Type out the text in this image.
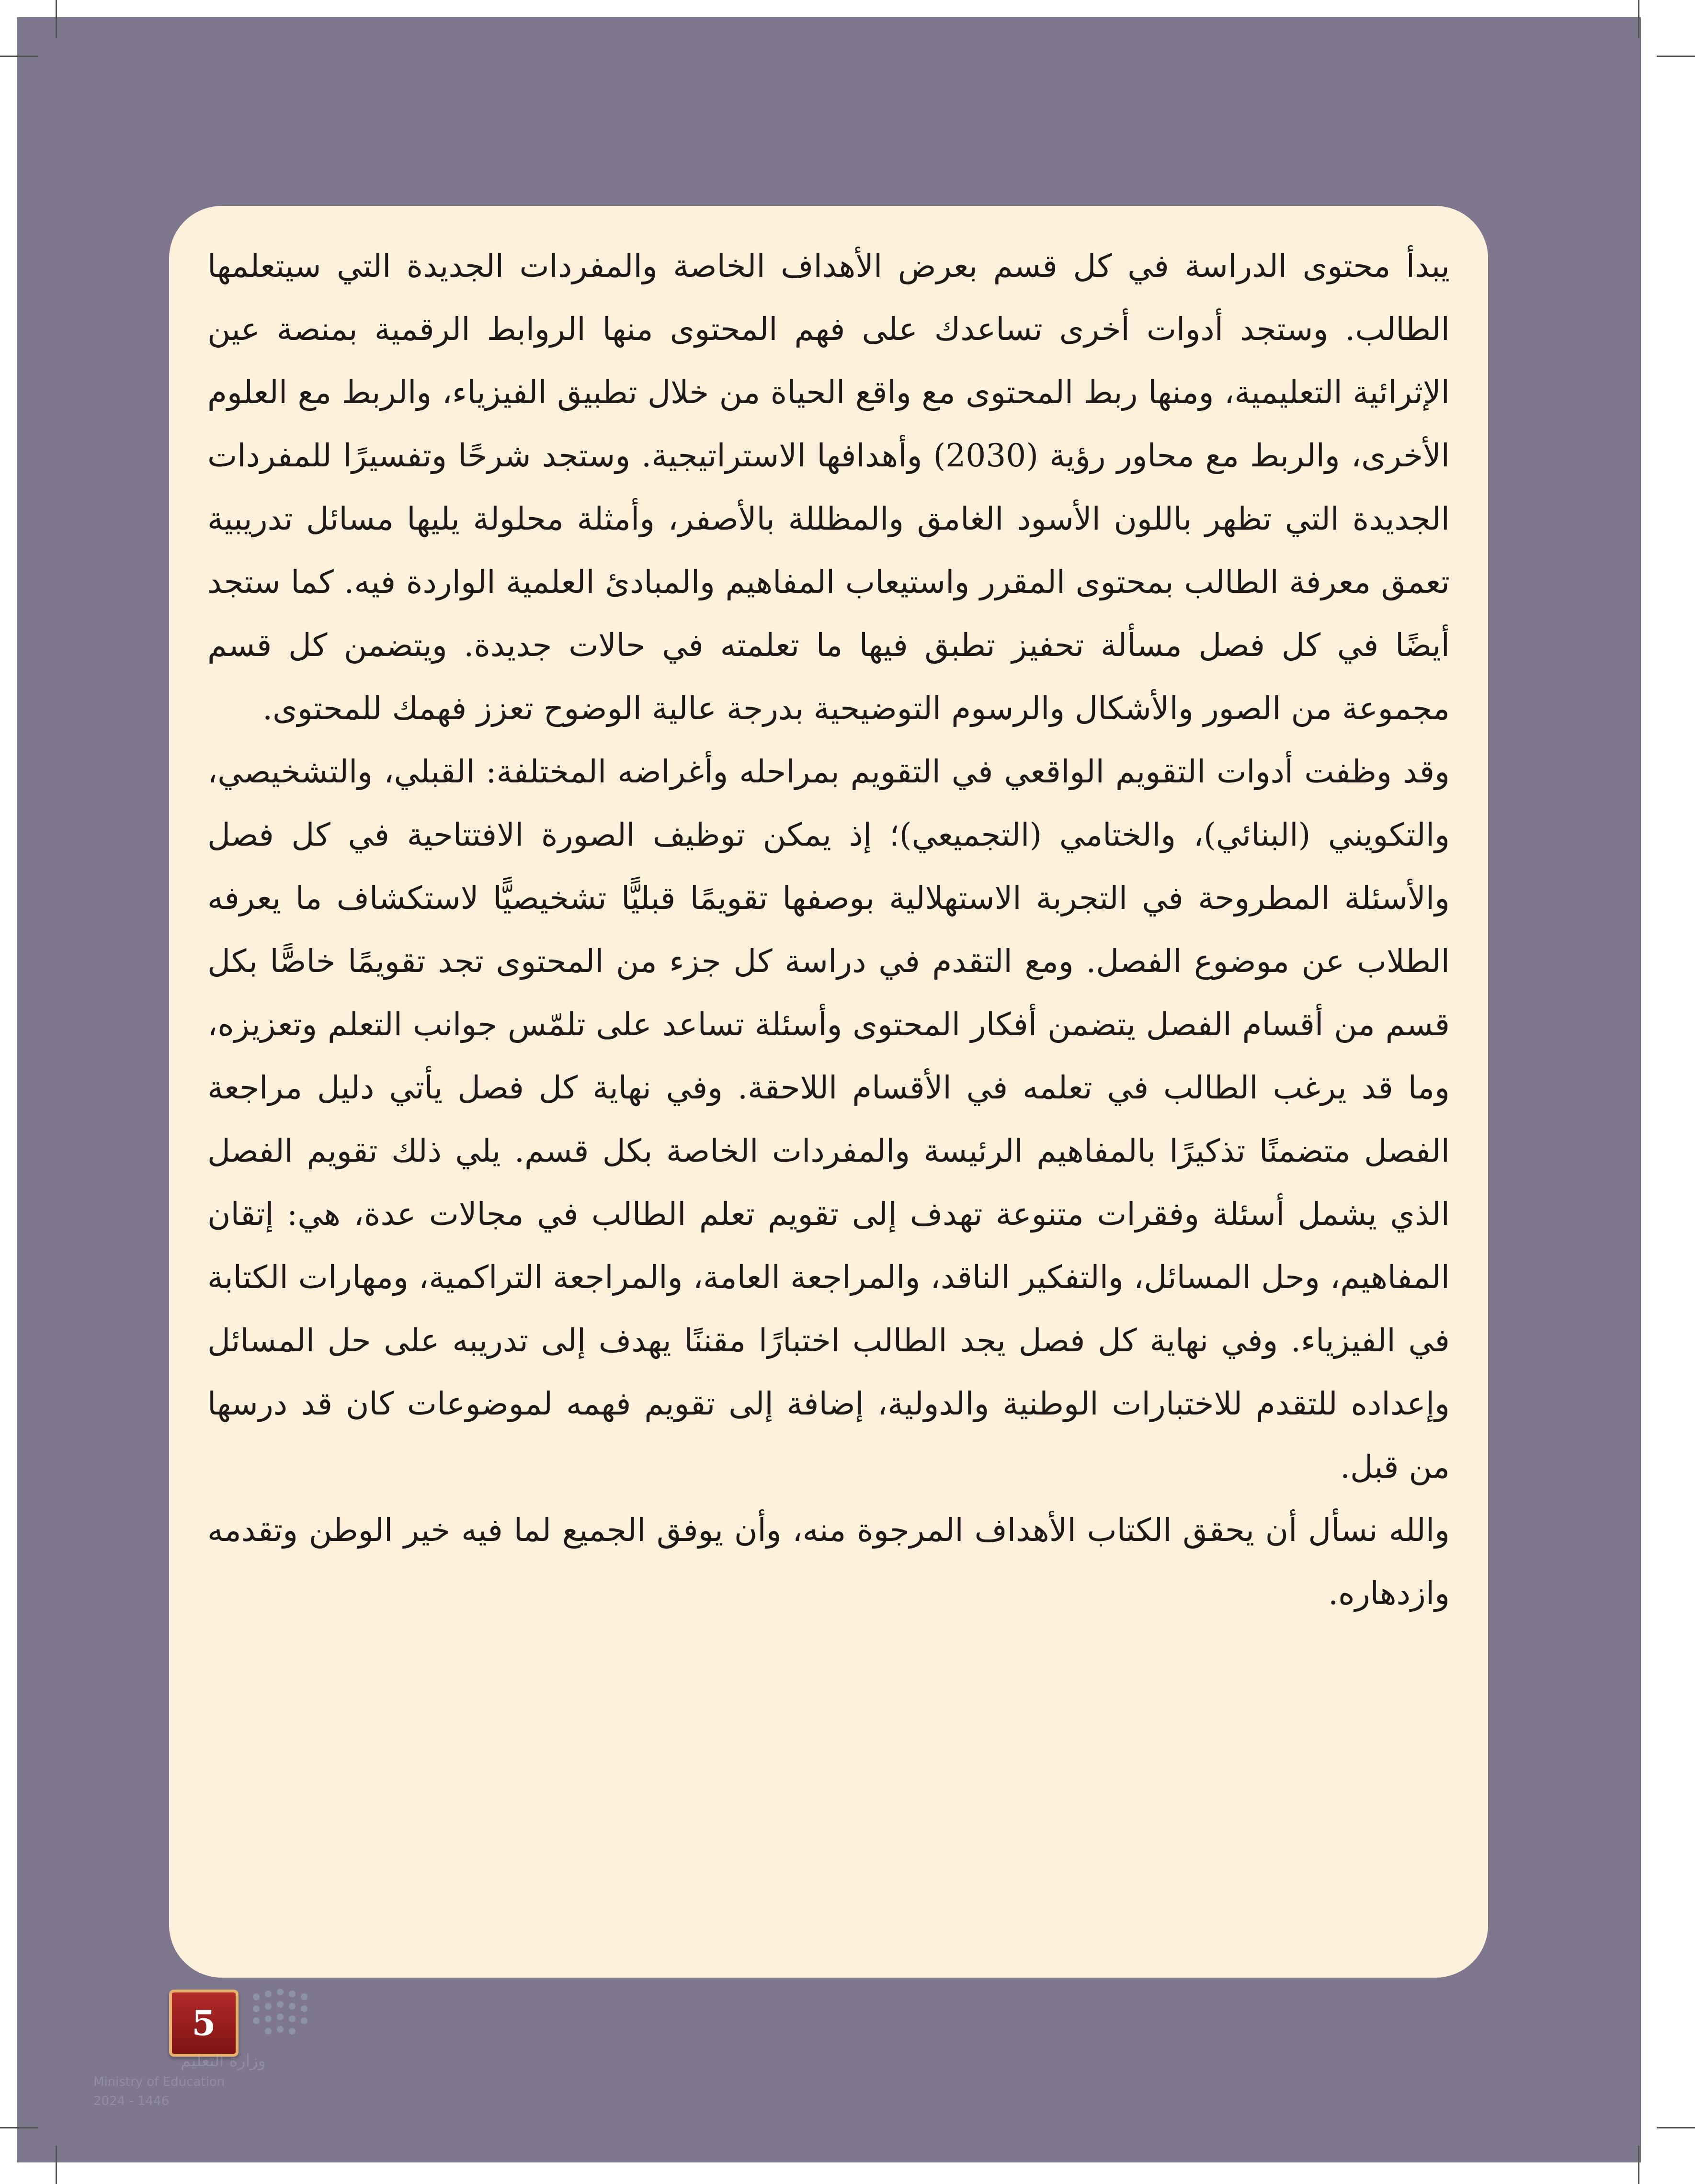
يبدأ محتوى الدراسة في كل قسم بعرض الأهداف الخاصة والمفردات الجديدة التي سيتعلمها الطالب. وستجد أدوات أخرى تساعدك على فهم المحتوى منها الروابط الرقمية بمنصة عين الإثرائية التعليمية، ومنها ربط المحتوى مع واقع الحياة من خلال تطبيق الفيزياء، والربط مع العلوم الأخرى، والربط مع محاور رؤية (2030) وأهدافها الاستراتيجية. وستجد شرحًا وتفسيرًا للمفردات الجديدة التي تظهر باللون الأسود الغامق والمظللة بالأصفر، وأمثلة محلولة يليها مسائل تدريبية تعمق معرفة الطالب بمحتوى المقرر واستيعاب المفاهيم والمبادئ العلمية الواردة فيه. كما ستجد أيضًا في كل فصل مسألة تحفيز تطبق فيها ما تعلمته في حالات جديدة. ويتضمن كل قسم مجموعة من الصور والأشكال والرسوم التوضيحية بدرجة عالية الوضوح تعزز فهمك للمحتوى.

وقد وظفت أدوات التقويم الواقعي في التقويم بمراحله وأغراضه المختلفة: القبلي، والتشخيصي، والتكويني (البنائي)، والختامي (التجميعي)؛ إذ يمكن توظيف الصورة الافتتاحية في كل فصل والأسئلة المطروحة في التجربة الاستهلالية بوصفها تقويمًا قبليًّا تشخيصيًّا لاستكشاف ما يعرفه الطلاب عن موضوع الفصل. ومع التقدم في دراسة كل جزء من المحتوى تجد تقويمًا خاصًّا بكل قسم من أقسام الفصل يتضمن أفكار المحتوى وأسئلة تساعد على تلمّس جوانب التعلم وتعزيزه، وما قد يرغب الطالب في تعلمه في الأقسام اللاحقة. وفي نهاية كل فصل يأتي دليل مراجعة الفصل متضمنًا تذكيرًا بالمفاهيم الرئيسة والمفردات الخاصة بكل قسم. يلي ذلك تقويم الفصل الذي يشمل أسئلة وفقرات متنوعة تهدف إلى تقويم تعلم الطالب في مجالات عدة، هي: إتقان المفاهيم، وحل المسائل، والتفكير الناقد، والمراجعة العامة، والمراجعة التراكمية، ومهارات الكتابة في الفيزياء. وفي نهاية كل فصل يجد الطالب اختبارًا مقننًا يهدف إلى تدريبه على حل المسائل وإعداده للتقدم للاختبارات الوطنية والدولية، إضافة إلى تقويم فهمه لموضوعات كان قد درسها من قبل.

والله نسأل أن يحقق الكتاب الأهداف المرجوة منه، وأن يوفق الجميع لما فيه خير الوطن وتقدمه وازدهاره.

5
وزارة التعليم
Ministry of Education
2024 - 1446
